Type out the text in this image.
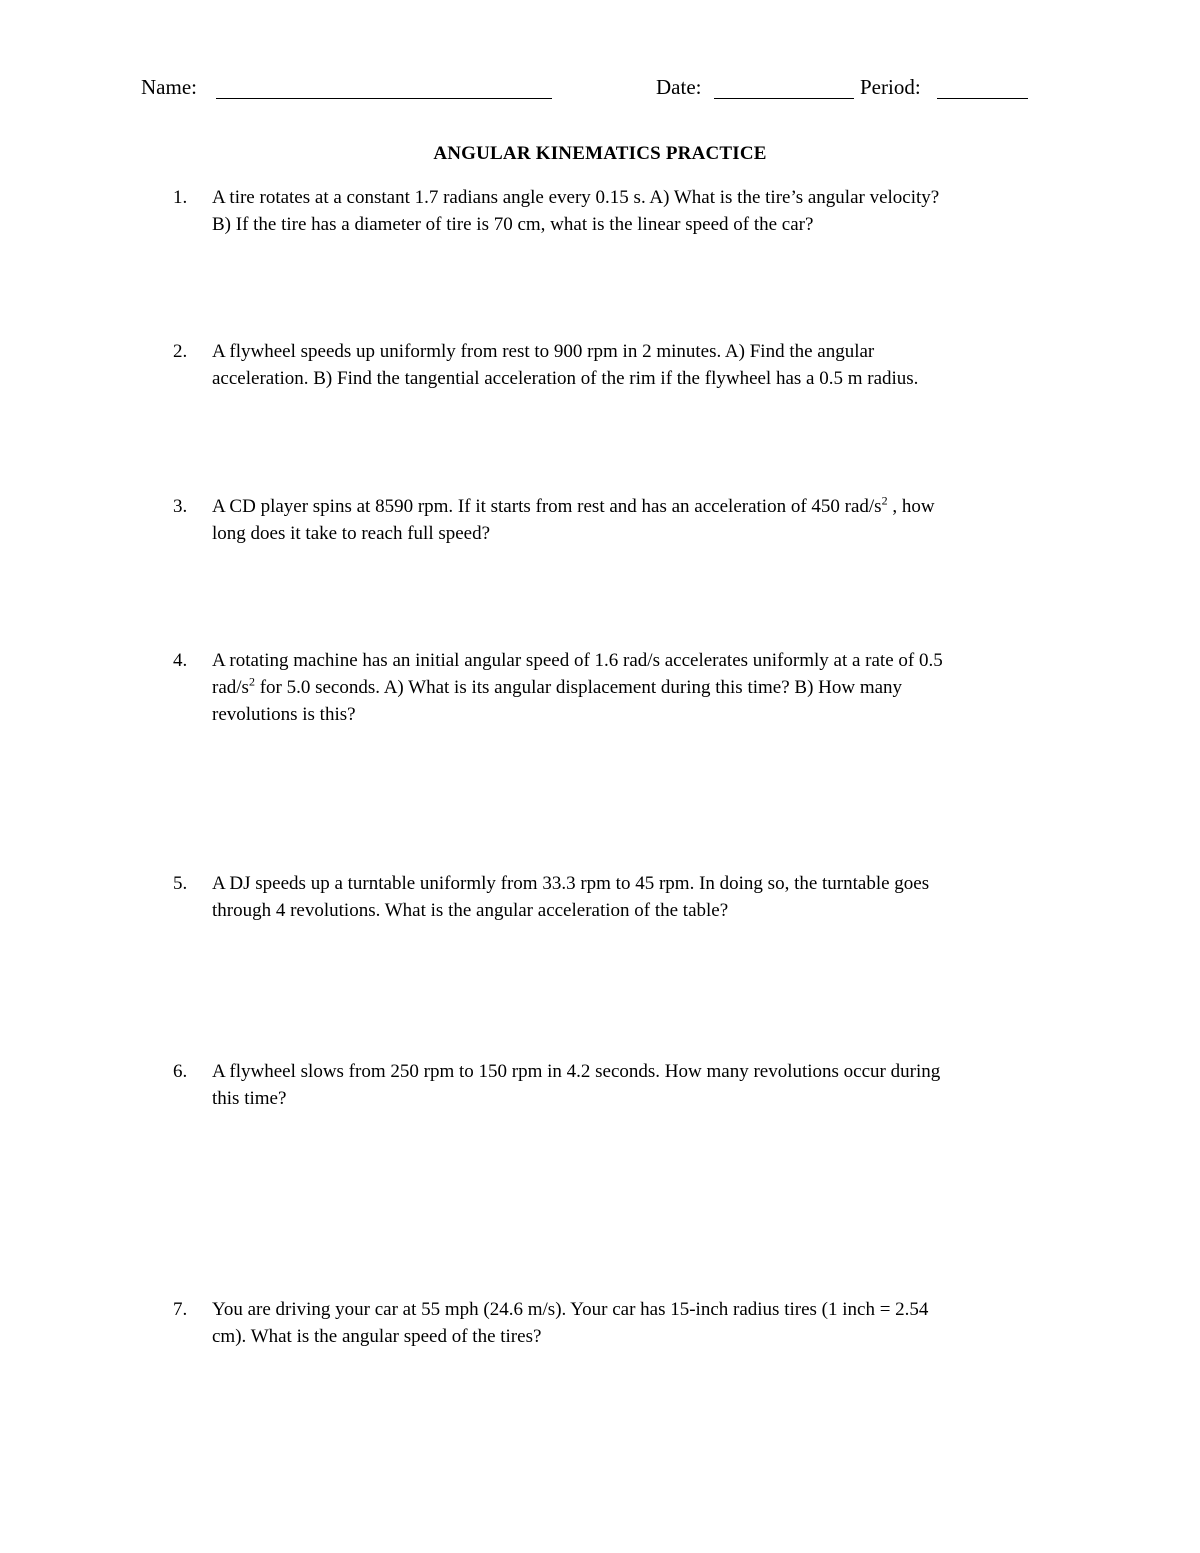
Name:	Date:	Period:
ANGULAR KINEMATICS PRACTICE
1.	A tire rotates at a constant 1.7 radians angle every 0.15 s. A) What is the tire’s angular velocity?
B) If the tire has a diameter of tire is 70 cm, what is the linear speed of the car?
2.	A flywheel speeds up uniformly from rest to 900 rpm in 2 minutes. A) Find the angular
acceleration. B) Find the tangential acceleration of the rim if the flywheel has a 0.5 m radius.
3.	A CD player spins at 8590 rpm. If it starts from rest and has an acceleration of 450 rad/$s^2$ , how
long does it take to reach full speed?
4.	A rotating machine has an initial angular speed of 1.6 rad/s accelerates uniformly at a rate of 0.5
rad/$s^2$ for 5.0 seconds. A) What is its angular displacement during this time? B) How many
revolutions is this?
5.	A DJ speeds up a turntable uniformly from 33.3 rpm to 45 rpm. In doing so, the turntable goes
through 4 revolutions. What is the angular acceleration of the table?
6.	A flywheel slows from 250 rpm to 150 rpm in 4.2 seconds. How many revolutions occur during
this time?
7.	You are driving your car at 55 mph (24.6 m/s). Your car has 15-inch radius tires (1 inch = 2.54
cm). What is the angular speed of the tires?
